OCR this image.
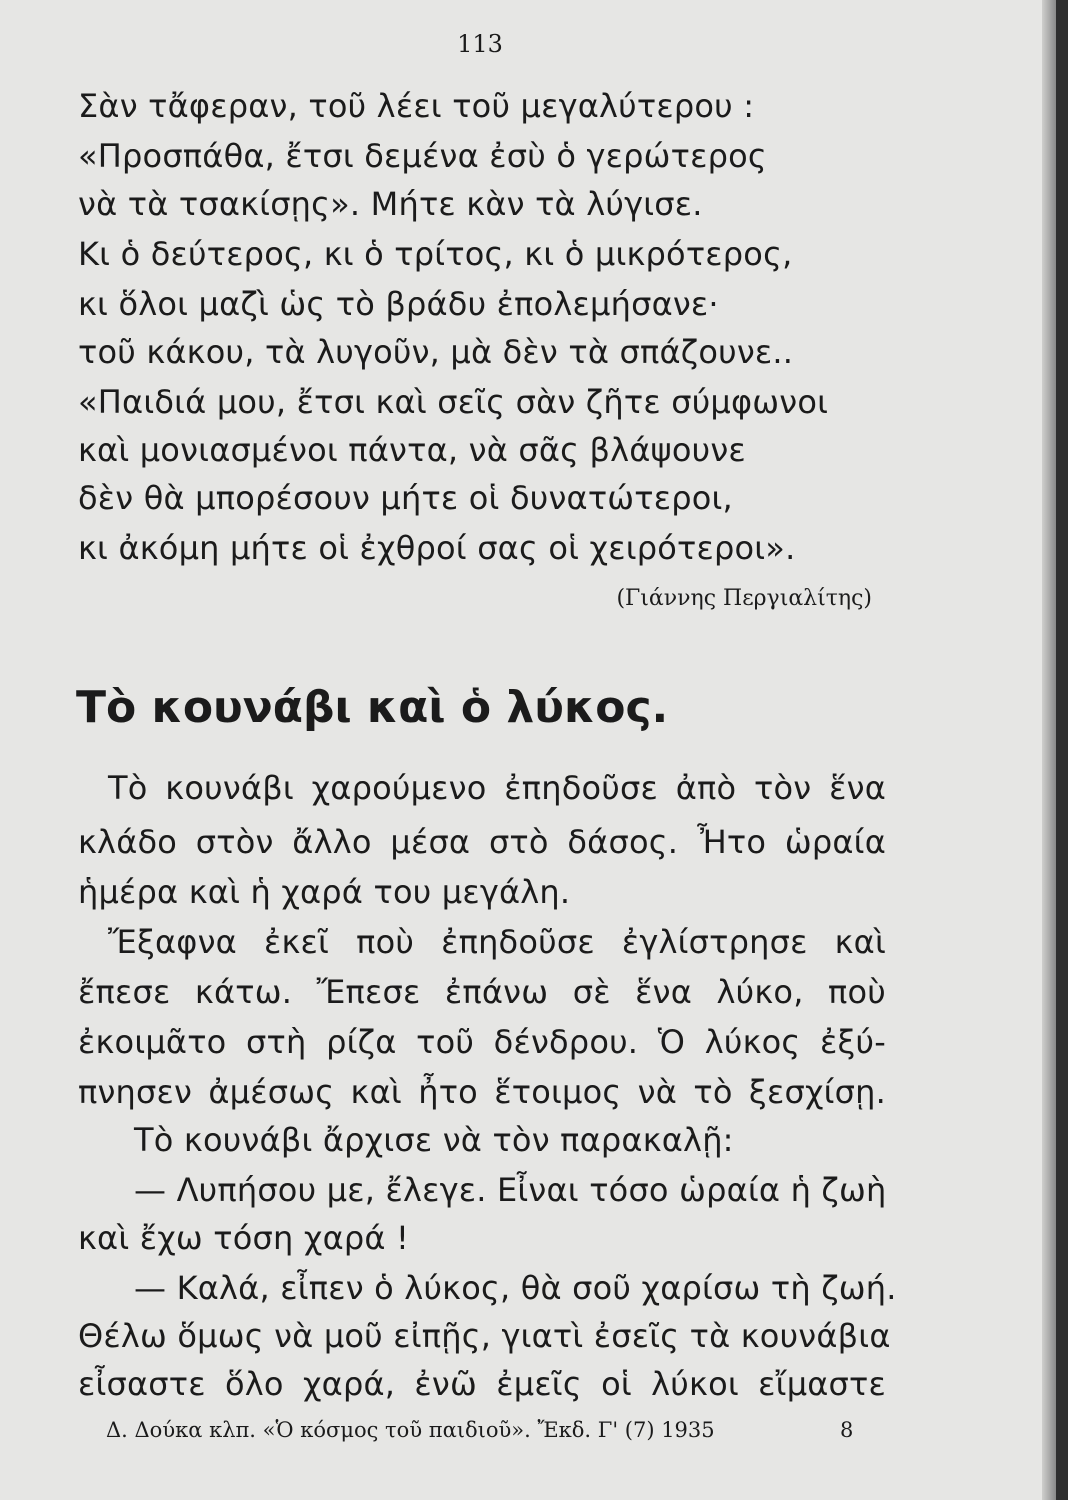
113
Σὰν τἄφεραν, τοῦ λέει τοῦ μεγαλύτερου :
«Προσπάθα, ἔτσι δεμένα ἐσὺ ὁ γερώτερος
νὰ τὰ τσακίσῃς». Μήτε κὰν τὰ λύγισε.
Κι ὁ δεύτερος, κι ὁ τρίτος, κι ὁ μικρότερος,
κι ὅλοι μαζὶ ὡς τὸ βράδυ ἐπολεμήσανε·
τοῦ κάκου, τὰ λυγοῦν, μὰ δὲν τὰ σπάζουνε..
«Παιδιά μου, ἔτσι καὶ σεῖς σὰν ζῆτε σύμφωνοι
καὶ μονιασμένοι πάντα, νὰ σᾶς βλάψουνε
δὲν θὰ μπορέσουν μήτε οἱ δυνατώτεροι,
κι ἀκόμη μήτε οἱ ἐχθροί σας οἱ χειρότεροι».
(Γιάννης Περγιαλίτης)
Τὸ κουνάβι καὶ ὁ λύκος.
Τὸ κουνάβι χαρούμενο ἐπηδοῦσε ἀπὸ τὸν ἕνα
κλάδο στὸν ἄλλο μέσα στὸ δάσος. Ἦτο ὡραία
ἡμέρα καὶ ἡ χαρά του μεγάλη.
Ἔξαφνα ἐκεῖ ποὺ ἐπηδοῦσε ἐγλίστρησε καὶ
ἔπεσε κάτω. Ἔπεσε ἐπάνω σὲ ἕνα λύκο, ποὺ
ἐκοιμᾶτο στὴ ρίζα τοῦ δένδρου. Ὁ λύκος ἐξύ-
πνησεν ἀμέσως καὶ ἦτο ἕτοιμος νὰ τὸ ξεσχίσῃ.
Τὸ κουνάβι ἄρχισε νὰ τὸν παρακαλῇ:
— Λυπήσου με, ἔλεγε. Εἶναι τόσο ὡραία ἡ ζωὴ
καὶ ἔχω τόση χαρά !
— Καλά, εἶπεν ὁ λύκος, θὰ σοῦ χαρίσω τὴ ζωή.
Θέλω ὅμως νὰ μοῦ εἰπῇς, γιατὶ ἐσεῖς τὰ κουνάβια
εἶσαστε ὅλο χαρά, ἐνῶ ἐμεῖς οἱ λύκοι εἴμαστε
Δ. Δούκα κλπ. «Ὁ κόσμος τοῦ παιδιοῦ». Ἔκδ. Γ' (7) 1935	8
